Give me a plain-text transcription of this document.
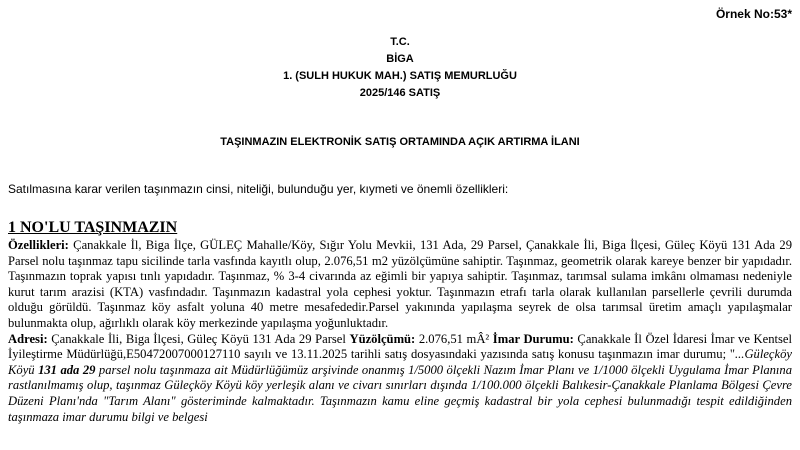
Örnek No:53*
T.C.
BİGA
1. (SULH HUKUK MAH.) SATIŞ MEMURLUĞU
2025/146 SATIŞ
TAŞINMAZIN ELEKTRONİK SATIŞ ORTAMINDA AÇIK ARTIRMA İLANI
Satılmasına karar verilen taşınmazın cinsi, niteliği, bulunduğu yer, kıymeti ve önemli özellikleri:
1 NO'LU TAŞINMAZIN
Özellikleri: Çanakkale İl, Biga İlçe, GÜLEÇ Mahalle/Köy, Sığır Yolu Mevkii, 131 Ada, 29 Parsel, Çanakkale İli, Biga İlçesi, Güleç Köyü 131 Ada 29 Parsel nolu taşınmaz tapu sicilinde tarla vasfında kayıtlı olup, 2.076,51 m2 yüzölçümüne sahiptir. Taşınmaz, geometrik olarak kareye benzer bir yapıdadır. Taşınmazın toprak yapısı tınlı yapıdadır. Taşınmaz, % 3-4 civarında az eğimli bir yapıya sahiptir. Taşınmaz, tarımsal sulama imkânı olmaması nedeniyle kurut tarım arazisi (KTA) vasfındadır. Taşınmazın kadastral yola cephesi yoktur. Taşınmazın etrafı tarla olarak kullanılan parsellerle çevrili durumda olduğu görüldü. Taşınmaz köy asfalt yoluna 40 metre mesafededir.Parsel yakınında yapılaşma seyrek de olsa tarımsal üretim amaçlı yapılaşmalar bulunmakta olup, ağırlıklı olarak köy merkezinde yapılaşma yoğunluktadır.
Adresi: Çanakkale İli, Biga İlçesi, Güleç Köyü 131 Ada 29 Parsel Yüzölçümü: 2.076,51 mÂ² İmar Durumu: Çanakkale İl Özel İdaresi İmar ve Kentsel İyileştirme Müdürlüğü,E50472007000127110 sayılı ve 13.11.2025 tarihli satış dosyasındaki yazısında satış konusu taşınmazın imar durumu; "...Güleçköy Köyü 131 ada 29 parsel nolu taşınmaza ait Müdürlüğümüz arşivinde onanmış 1/5000 ölçekli Nazım İmar Planı ve 1/1000 ölçekli Uygulama İmar Planına rastlanılmamış olup, taşınmaz Güleçköy Köyü köy yerleşik alanı ve civarı sınırları dışında 1/100.000 ölçekli Balıkesir-Çanakkale Planlama Bölgesi Çevre Düzeni Planı'nda "Tarım Alanı" gösteriminde kalmaktadır. Taşınmazın kamu eline geçmiş kadastral bir yola cephesi bulunmadığı tespit edildiğinden taşınmaza imar durumu bilgi ve belgesi
